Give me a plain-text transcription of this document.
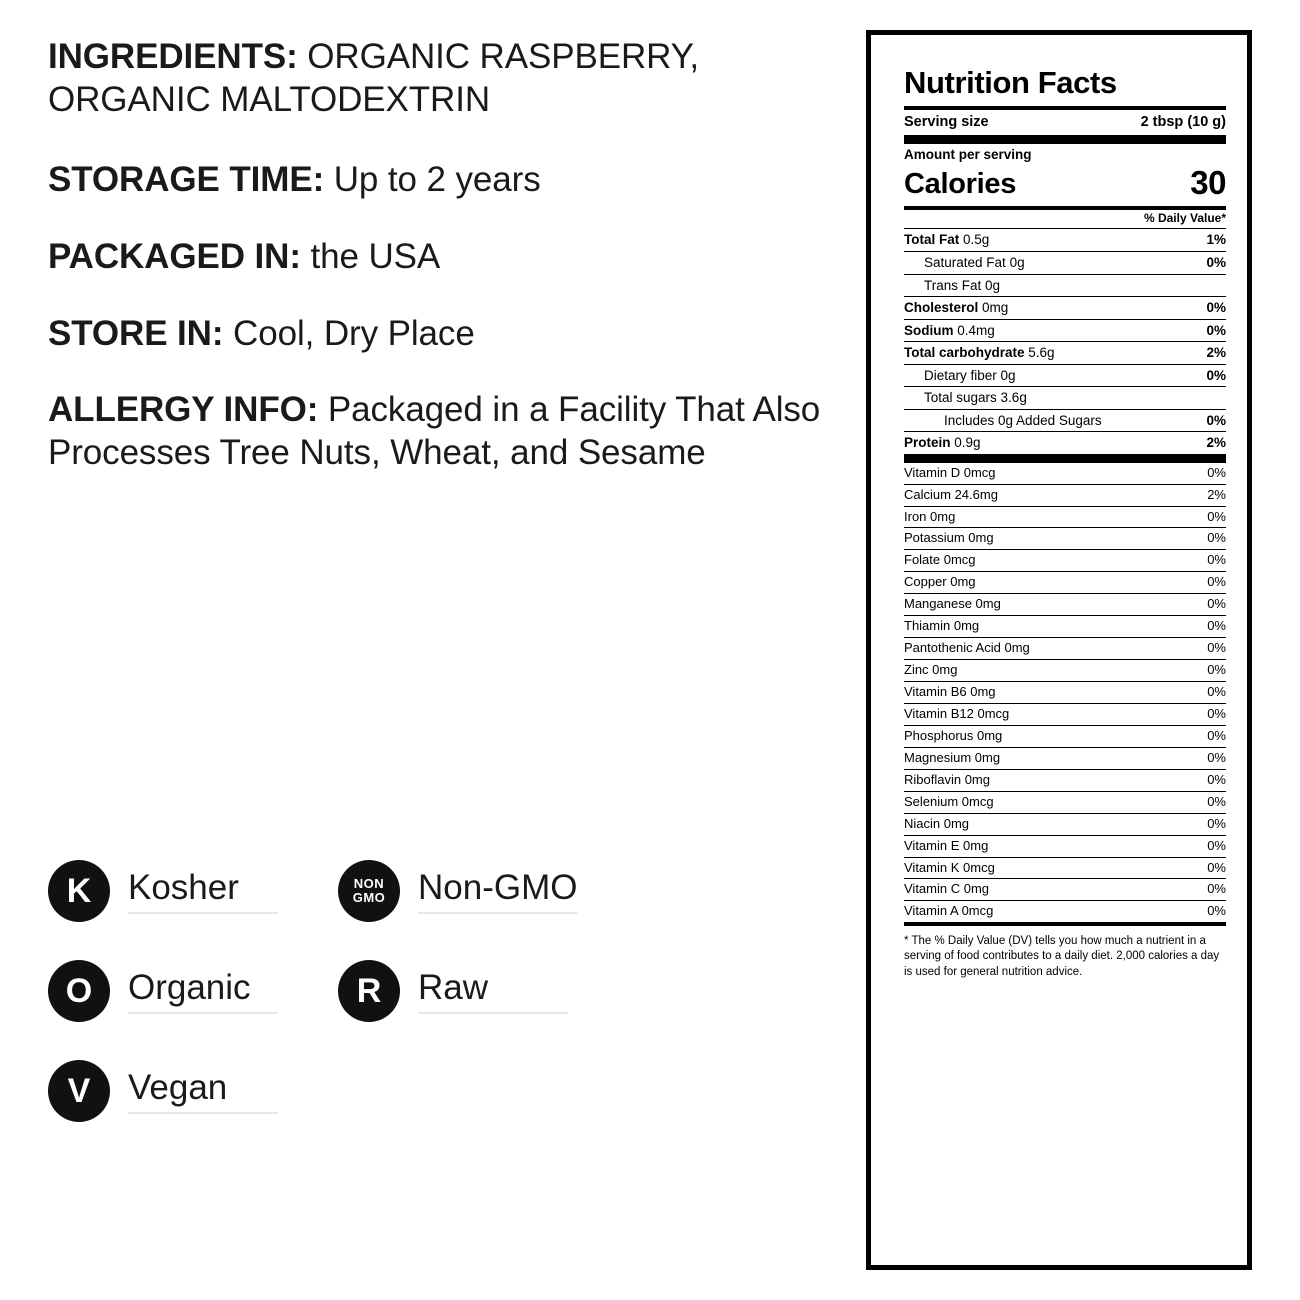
INGREDIENTS: ORGANIC RASPBERRY, ORGANIC MALTODEXTRIN
STORAGE TIME: Up to 2 years
PACKAGED IN: the USA
STORE IN: Cool, Dry Place
ALLERGY INFO: Packaged in a Facility That Also Processes Tree Nuts, Wheat, and Sesame
K	Kosher	NON
GMO Non-GMO
O	Organic	R	Raw
V	Vegan
Nutrition Facts
Serving size	2 tbsp (10 g)
Amount per serving
Calories	30
% Daily Value*
Total Fat 0.5g	1%
Saturated Fat 0g	0%
Trans Fat 0g
Cholesterol 0mg	0%
Sodium 0.4mg	0%
Total carbohydrate 5.6g	2%
Dietary fiber 0g	0%
Total sugars 3.6g
Includes 0g Added Sugars	0%
Protein 0.9g	2%
Vitamin D 0mcg	0%
Calcium 24.6mg	2%
Iron 0mg	0%
Potassium 0mg	0%
Folate 0mcg	0%
Copper 0mg	0%
Manganese 0mg	0%
Thiamin 0mg	0%
Pantothenic Acid 0mg	0%
Zinc 0mg	0%
Vitamin B6 0mg	0%
Vitamin B12 0mcg	0%
Phosphorus 0mg	0%
Magnesium 0mg	0%
Riboflavin 0mg	0%
Selenium 0mcg	0%
Niacin 0mg	0%
Vitamin E 0mg	0%
Vitamin K 0mcg	0%
Vitamin C 0mg	0%
Vitamin A 0mcg	0%
* The % Daily Value (DV) tells you how much a nutrient in a serving of food contributes to a daily diet. 2,000 calories a day is used for general nutrition advice.
